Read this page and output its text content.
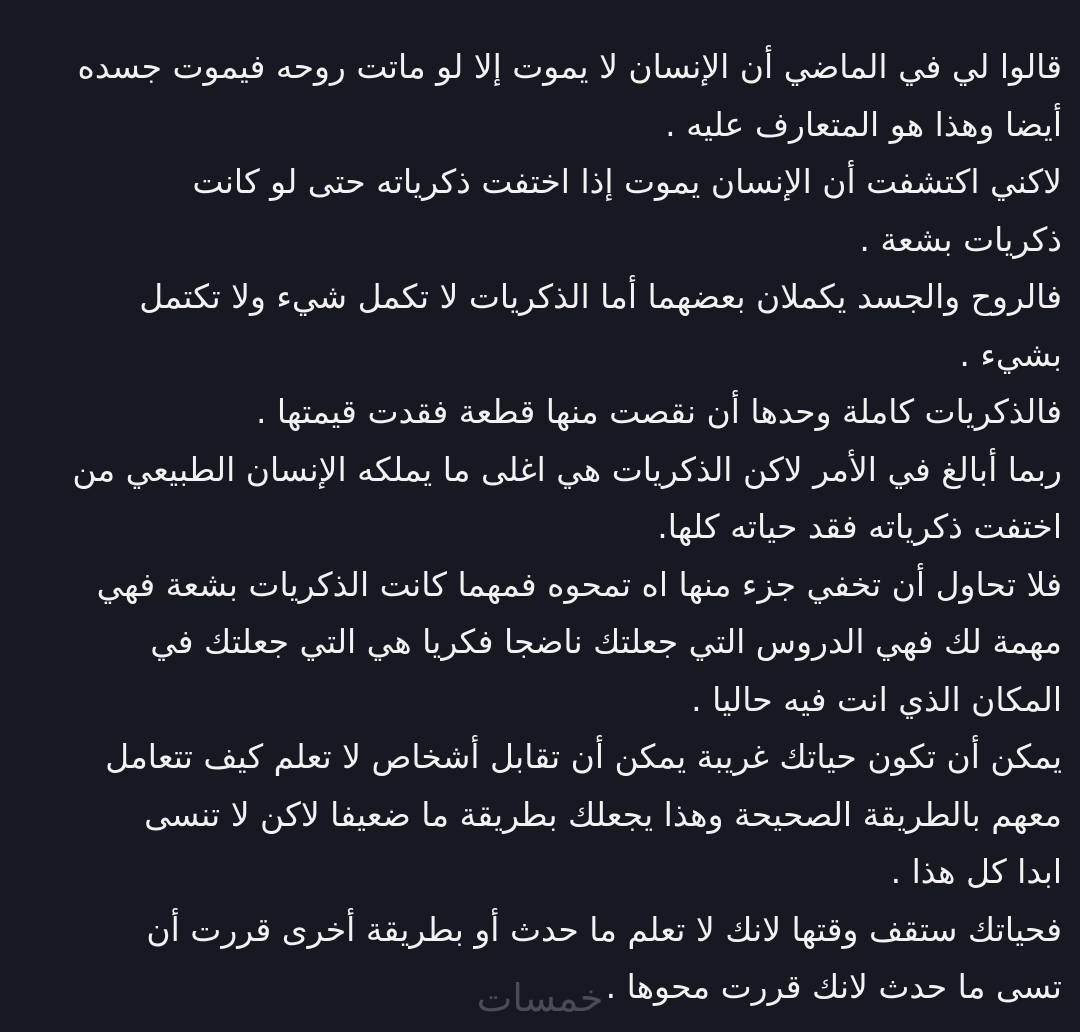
قالوا لي في الماضي أن الإنسان لا يموت إلا لو ماتت روحه فيموت جسده
أيضا وهذا هو المتعارف عليه .
لاكني اكتشفت أن الإنسان يموت إذا اختفت ذكرياته حتى لو كانت
ذكريات بشعة .
فالروح والجسد يكملان بعضهما أما الذكريات لا تكمل شيء ولا تكتمل
بشيء .
فالذكريات كاملة وحدها أن نقصت منها قطعة فقدت قيمتها .
ربما أبالغ في الأمر لاكن الذكريات هي اغلى ما يملكه الإنسان الطبيعي من
اختفت ذكرياته فقد حياته كلها.
فلا تحاول أن تخفي جزء منها اه تمحوه فمهما كانت الذكريات بشعة فهي
مهمة لك فهي الدروس التي جعلتك ناضجا فكريا هي التي جعلتك في
المكان الذي انت فيه حاليا .
يمكن أن تكون حياتك غريبة يمكن أن تقابل أشخاص لا تعلم كيف تتعامل
معهم بالطريقة الصحيحة وهذا يجعلك بطريقة ما ضعيفا لاكن لا تنسى
ابدا كل هذا .
فحياتك ستقف وقتها لانك لا تعلم ما حدث أو بطريقة أخرى قررت أن
تسى ما حدث لانك قررت محوها .
خمسات
